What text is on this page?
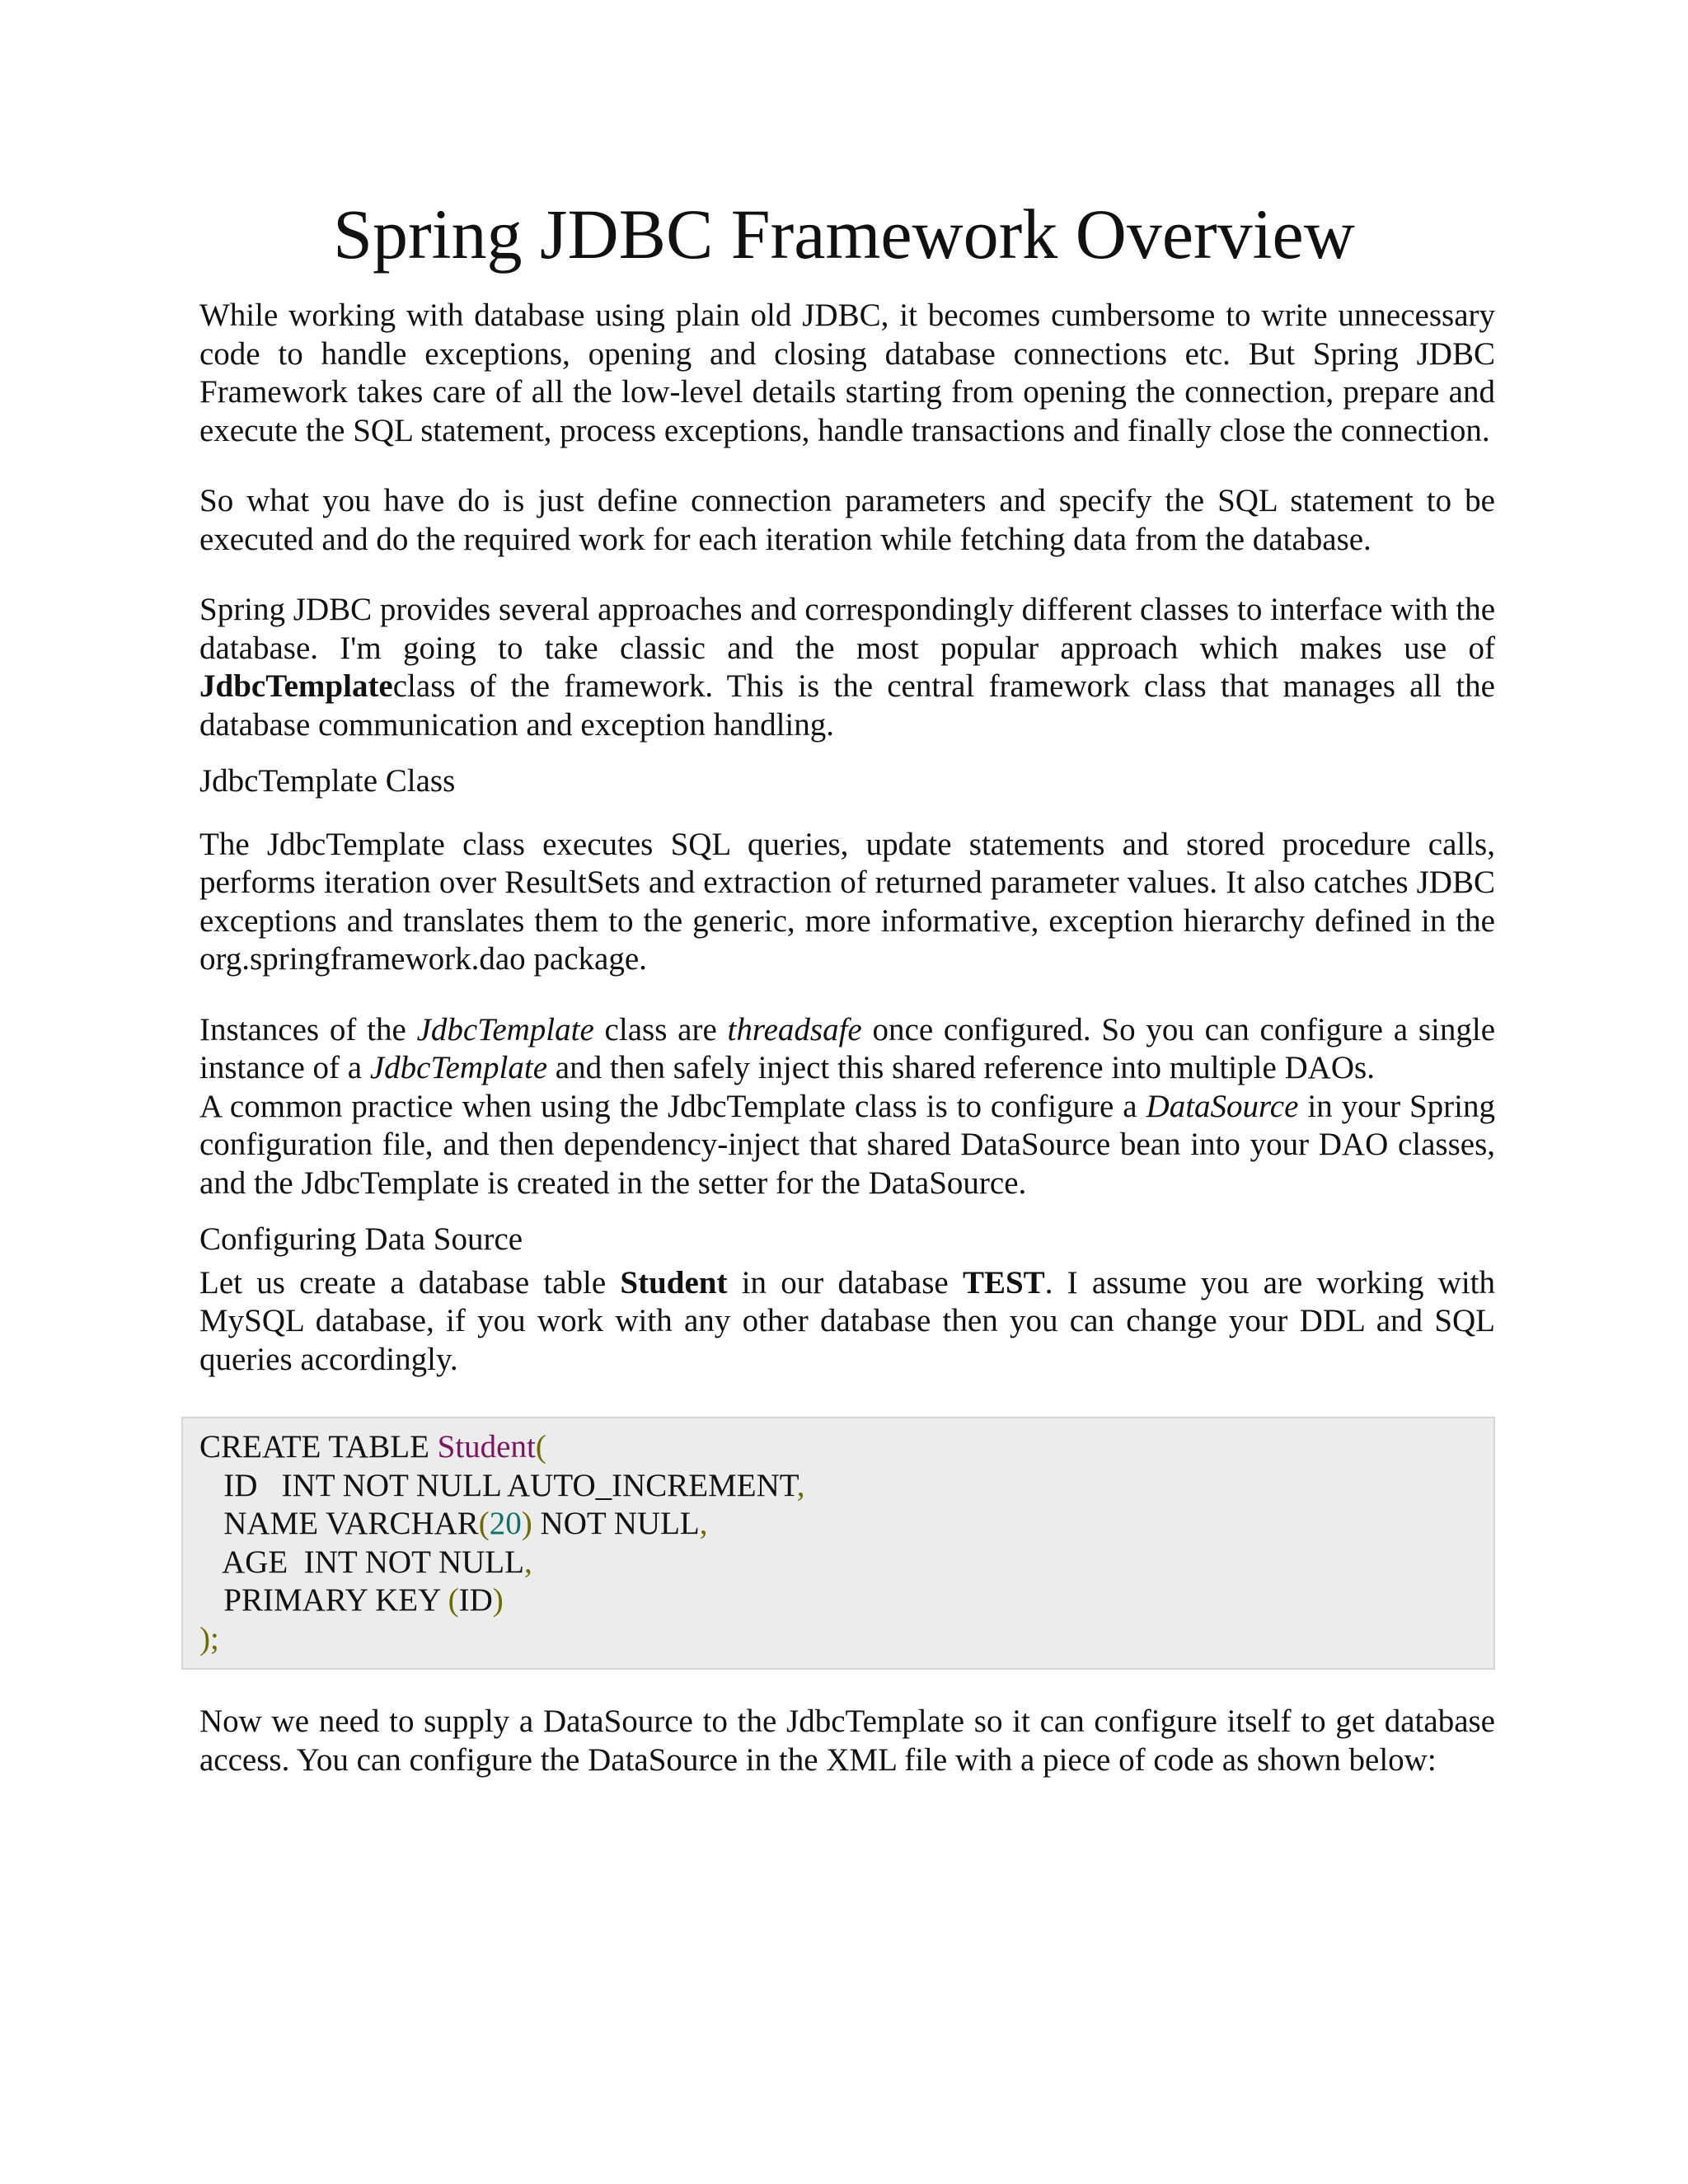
Spring JDBC Framework Overview

While working with database using plain old JDBC, it becomes cumbersome to write unnecessary code to handle exceptions, opening and closing database connections etc. But Spring JDBC Framework takes care of all the low-level details starting from opening the connection, prepare and execute the SQL statement, process exceptions, handle transactions and finally close the connection.

So what you have do is just define connection parameters and specify the SQL statement to be executed and do the required work for each iteration while fetching data from the database.

Spring JDBC provides several approaches and correspondingly different classes to interface with the database. I'm going to take classic and the most popular approach which makes use of JdbcTemplateclass of the framework. This is the central framework class that manages all the database communication and exception handling.

JdbcTemplate Class

The JdbcTemplate class executes SQL queries, update statements and stored procedure calls, performs iteration over ResultSets and extraction of returned parameter values. It also catches JDBC exceptions and translates them to the generic, more informative, exception hierarchy defined in the org.springframework.dao package.

Instances of the JdbcTemplate class are threadsafe once configured. So you can configure a single instance of a JdbcTemplate and then safely inject this shared reference into multiple DAOs.

A common practice when using the JdbcTemplate class is to configure a DataSource in your Spring configuration file, and then dependency-inject that shared DataSource bean into your DAO classes, and the JdbcTemplate is created in the setter for the DataSource.

Configuring Data Source

Let us create a database table Student in our database TEST. I assume you are working with MySQL database, if you work with any other database then you can change your DDL and SQL queries accordingly.

CREATE TABLE Student(
ID   INT NOT NULL AUTO_INCREMENT,
NAME VARCHAR(20) NOT NULL,
AGE  INT NOT NULL,
PRIMARY KEY (ID)
);

Now we need to supply a DataSource to the JdbcTemplate so it can configure itself to get database access. You can configure the DataSource in the XML file with a piece of code as shown below:
